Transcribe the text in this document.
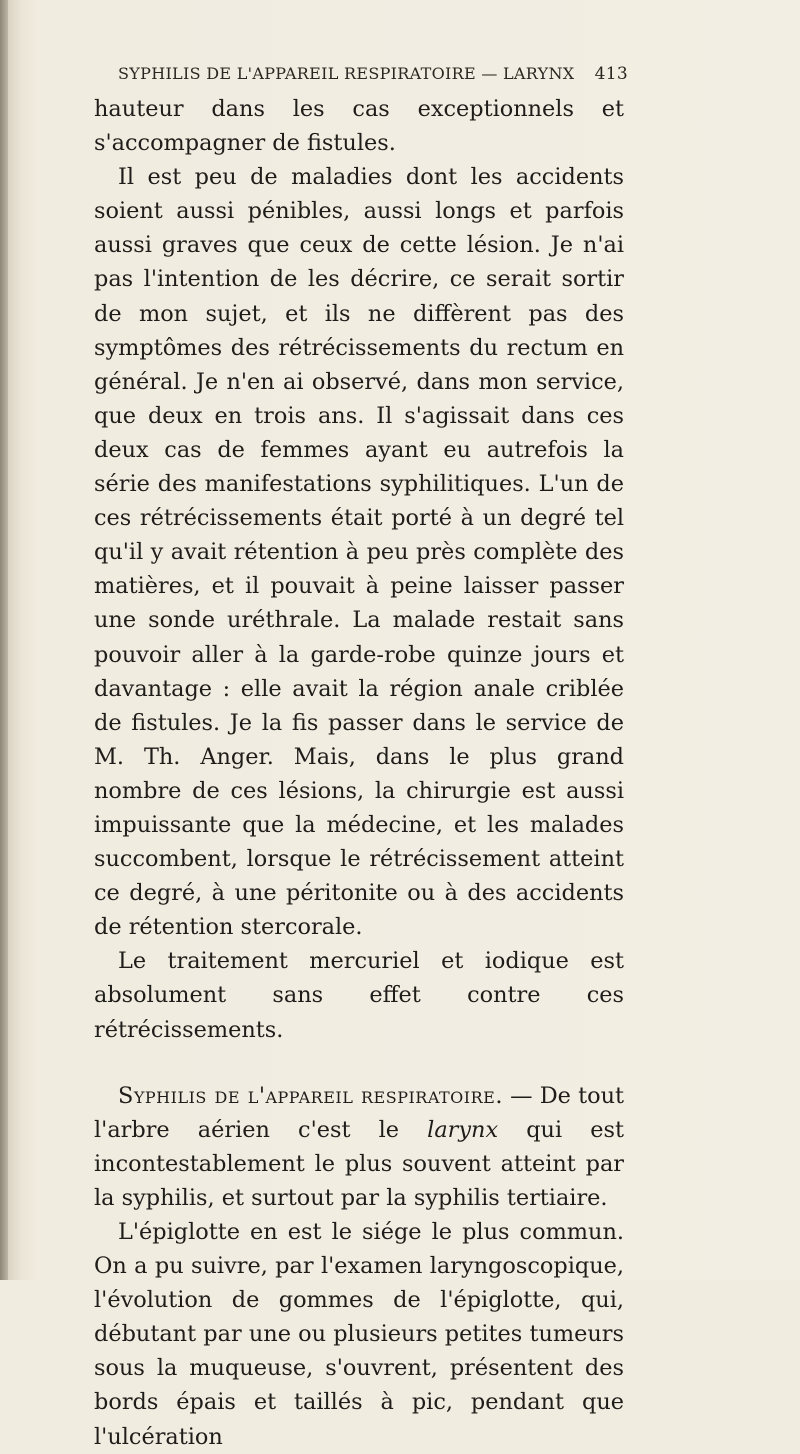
SYPHILIS DE L'APPAREIL RESPIRATOIRE — LARYNX 413

hauteur dans les cas exceptionnels et s'accompagner de fistules.

Il est peu de maladies dont les accidents soient aussi pénibles, aussi longs et parfois aussi graves que ceux de cette lésion. Je n'ai pas l'intention de les décrire, ce serait sortir de mon sujet, et ils ne diffèrent pas des symptômes des rétrécissements du rectum en général. Je n'en ai observé, dans mon service, que deux en trois ans. Il s'agissait dans ces deux cas de femmes ayant eu autrefois la série des manifestations syphilitiques. L'un de ces rétrécissements était porté à un degré tel qu'il y avait rétention à peu près complète des matières, et il pouvait à peine laisser passer une sonde uréthrale. La malade restait sans pouvoir aller à la garde-robe quinze jours et davantage : elle avait la région anale criblée de fistules. Je la fis passer dans le service de M. Th. Anger. Mais, dans le plus grand nombre de ces lésions, la chirurgie est aussi impuissante que la médecine, et les malades succombent, lorsque le rétrécissement atteint ce degré, à une péritonite ou à des accidents de rétention stercorale.

Le traitement mercuriel et iodique est absolument sans effet contre ces rétrécissements.

Syphilis de l'appareil respiratoire. — De tout l'arbre aérien c'est le larynx qui est incontestablement le plus souvent atteint par la syphilis, et surtout par la syphilis tertiaire.

L'épiglotte en est le siége le plus commun. On a pu suivre, par l'examen laryngoscopique, l'évolution de gommes de l'épiglotte, qui, débutant par une ou plusieurs petites tumeurs sous la muqueuse, s'ouvrent, présentent des bords épais et taillés à pic, pendant que l'ulcération
